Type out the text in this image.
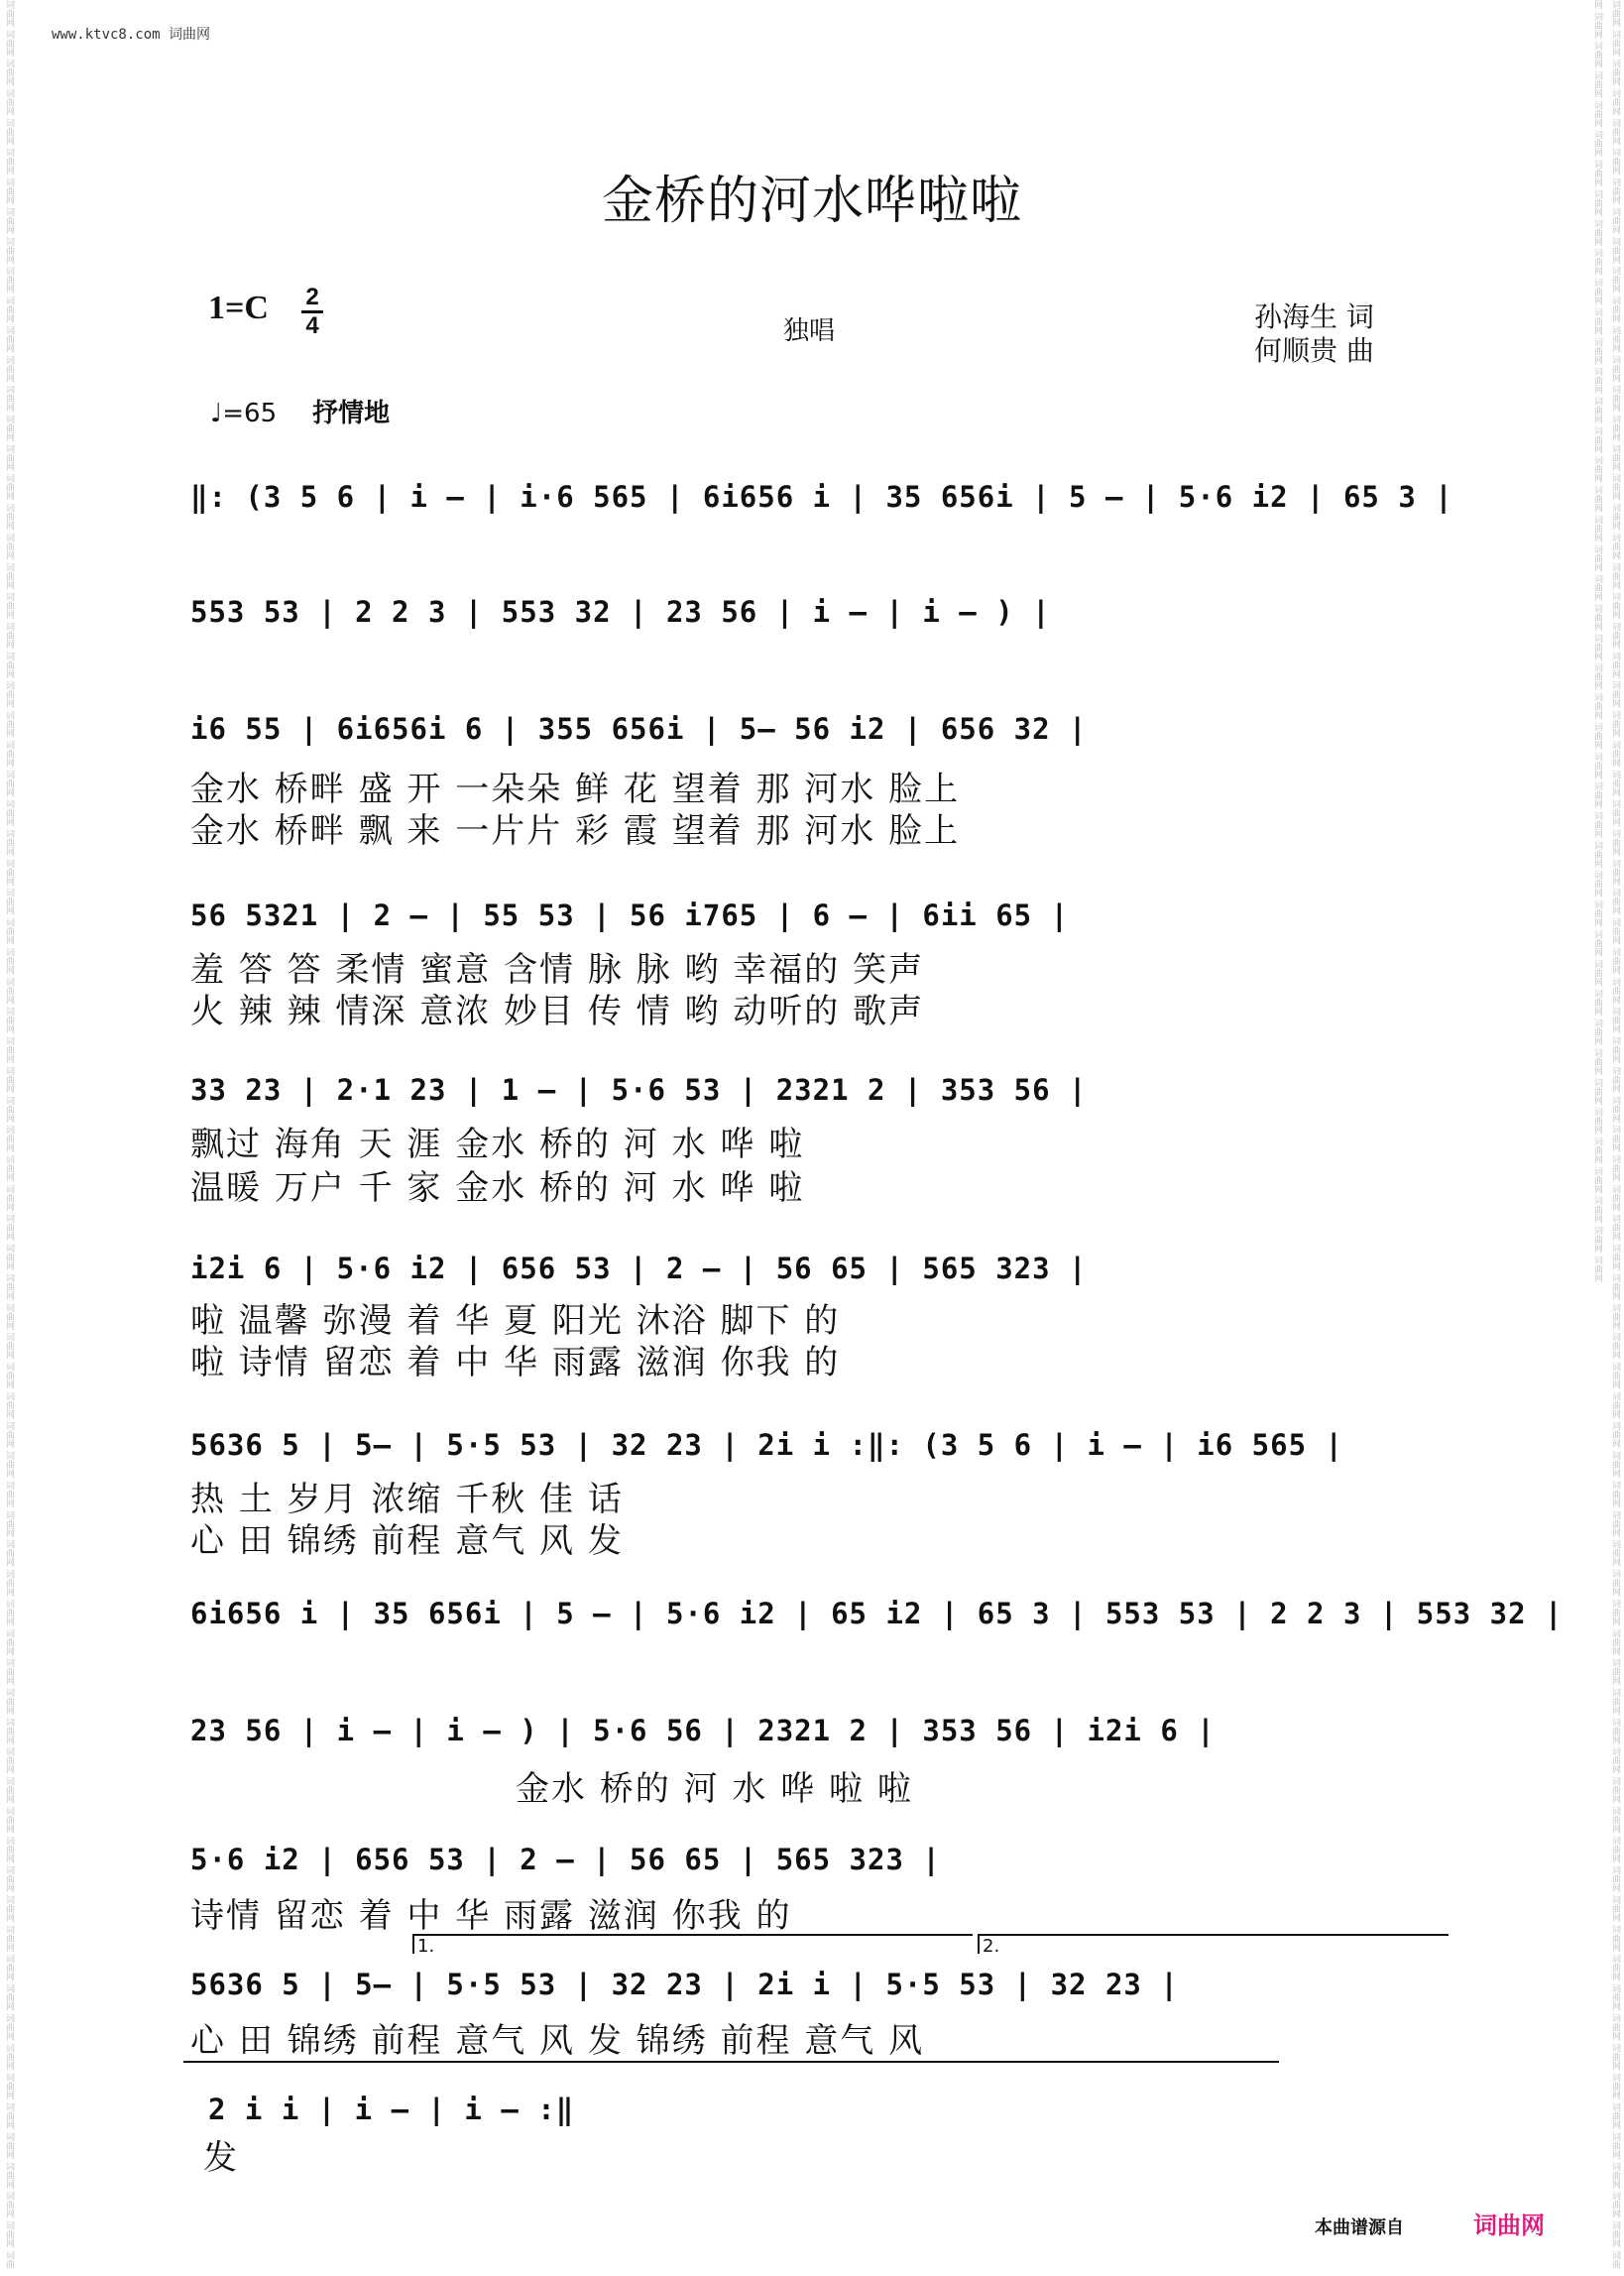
词曲网 词曲网 词曲网 词曲网 词曲网 词曲网 词曲网 词曲网 词曲网 词曲网 词曲网 词曲网 词曲网 词曲网 词曲网 词曲网 词曲网 词曲网 词曲网 词曲网 词曲网 词曲网 词曲网 词曲网 词曲网 词曲网 词曲网 词曲网 词曲网 词曲网 词曲网 词曲网 词曲网 词曲网 词曲网 词曲网 词曲网 词曲网 词曲网 词曲网 词曲网 词曲网 词曲网 词曲网 词曲网 词曲网 词曲网 词曲网 词曲网 词曲网 词曲网 词曲网 词曲网 词曲网 词曲网 词曲网 词曲网 词曲网 词曲网 词曲网 词曲网 词曲网 词曲网 词曲网 词曲网 词曲网 词曲网 词曲网 词曲网 词曲网 词曲网 词曲网 词曲网 词曲网 词曲网 词曲网 词曲	词曲网 词曲网 词曲网 词曲网 词曲网 词曲网 词曲网 词曲网 词曲网 词曲网 词曲网 词曲网 词曲网 词曲网 词曲网 词曲网 词曲网 词曲网 词曲网 词曲网 词曲网 词曲网 词曲网 词曲网 词曲网 词曲网 词曲网 词曲网 词曲网 词曲网 词曲网 词曲网 词曲网 词曲网 词曲网 词曲网 词曲网 词曲网 词曲网 词曲网 词曲网 词曲网 词曲网 词曲网 词曲网 词曲网 词曲网 词曲网 词曲网 词曲网 词曲网 词曲网 词曲网 词曲网 词曲网 词曲网 词曲网 词曲网 词曲网 词曲网 词曲网 词曲网 词曲网 词曲网 词曲网 词曲网 词曲网 词曲网 词曲网 词曲网 词曲网 词曲网 词曲网 词曲网 词曲网 词曲网 词曲网 词曲网 词曲网 词曲网 词曲网 词曲网 词曲网 词曲网 词曲网 词曲网 词曲网 词曲网 词曲网 词曲网 词曲网 词曲网 词曲网 词曲网 词曲网 词曲网 词曲网 词曲网 词曲网 词曲网 词曲网 词曲网 词曲网 词曲网 词曲网 词曲网 词曲网 词曲网 词曲网 词曲网 词曲网 词曲网 词曲网 词曲网 词曲网 词曲网 词曲网 词曲网 词曲网 词曲网
www.ktvc8.com 词曲网
金桥的河水哗啦啦
1=C 2
4	独唱	孙海生 词
何顺贵 曲
♩=65 抒情地
‖: (3 5 6 | i – | i·6 565 | 6i656 i | 35 656i | 5 – | 5·6 i2 | 65 3 |
553 53 | 2 2 3 | 553 32 | 23 56 | i – | i – ) |
i6 55 | 6i656i 6 | 355 656i | 5– 56 i2 | 656 32 |
金水 桥畔 盛 开 一朵朵 鲜 花 望着 那 河水 脸上
金水 桥畔 飘 来 一片片 彩 霞 望着 那 河水 脸上
56 5321 | 2 – | 55 53 | 56 i765 | 6 – | 6ii 65 |
羞 答 答 柔情 蜜意 含情 脉 脉 哟 幸福的 笑声
火 辣 辣 情深 意浓 妙目 传 情 哟 动听的 歌声
33 23 | 2·1 23 | 1 – | 5·6 53 | 2321 2 | 353 56 |
飘过 海角 天 涯 金水 桥的 河 水 哗 啦
温暖 万户 千 家 金水 桥的 河 水 哗 啦
i2i 6 | 5·6 i2 | 656 53 | 2 – | 56 65 | 565 323 |
啦 温馨 弥漫 着 华 夏 阳光 沐浴 脚下 的
啦 诗情 留恋 着 中 华 雨露 滋润 你我 的
5636 5 | 5– | 5·5 53 | 32 23 | 2i i :‖: (3 5 6 | i – | i6 565 |
热 土 岁月 浓缩 千秋 佳 话
心 田 锦绣 前程 意气 风 发
6i656 i | 35 656i | 5 – | 5·6 i2 | 65 i2 | 65 3 | 553 53 | 2 2 3 | 553 32 |
23 56 | i – | i – ) | 5·6 56 | 2321 2 | 353 56 | i2i 6 |
金水 桥的 河 水 哗 啦 啦
5·6 i2 | 656 53 | 2 – | 56 65 | 565 323 |
诗情 留恋 着 中 华 雨露 滋润 你我 的
1.	2.
5636 5 | 5– | 5·5 53 | 32 23 | 2i i | 5·5 53 | 32 23 |
心 田 锦绣 前程 意气 风 发 锦绣 前程 意气 风
2 i i | i – | i – :‖
发
本曲谱源自	词曲网
